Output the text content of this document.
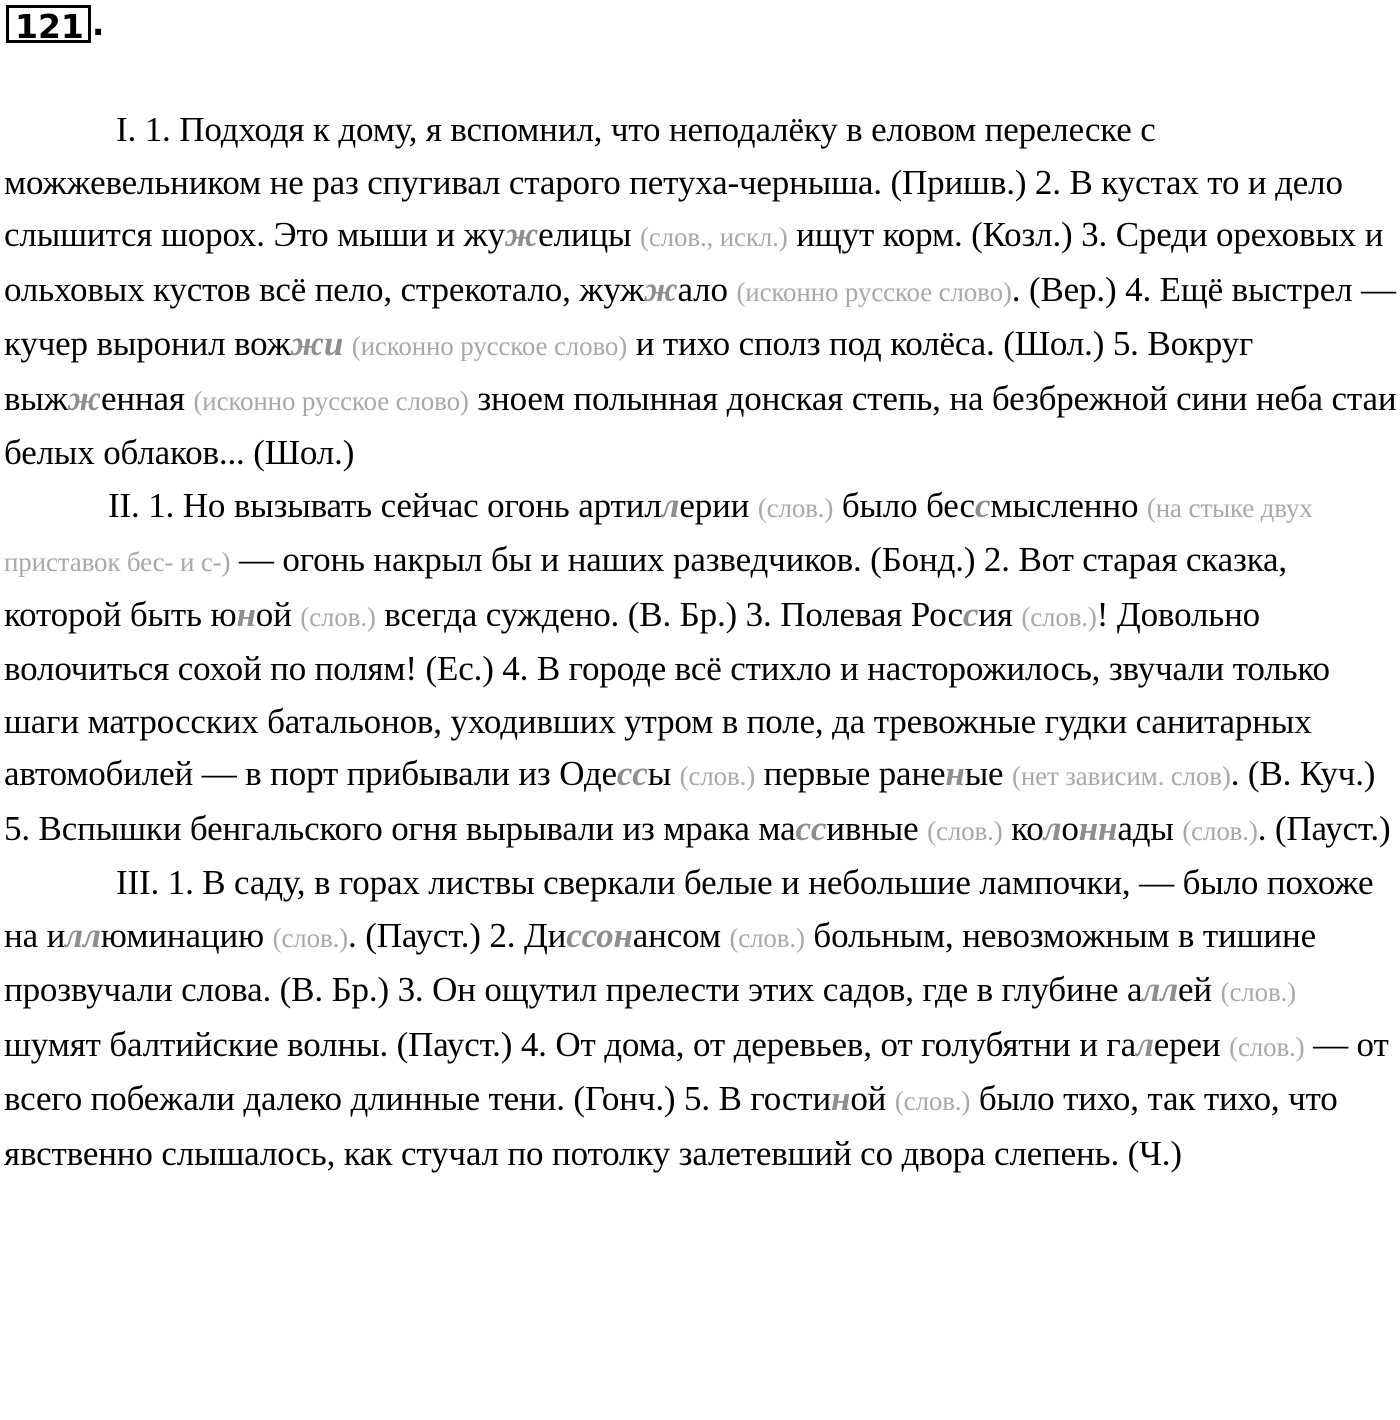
121 .

I. 1. Подходя к дому, я вспомнил, что неподалёку в еловом перелеске с можжевельником не раз спугивал старого петуха-черныша. (Пришв.) 2. В кустах то и дело слышится шорох. Это мыши и жужелицы (слов., искл.) ищут корм. (Козл.) 3. Среди ореховых и ольховых кустов всё пело, стрекотало, жужжало (исконно русское слово). (Вер.) 4. Ещё выстрел — кучер выронил вожжи (исконно русское слово) и тихо сполз под колёса. (Шол.) 5. Вокруг выжженная (исконно русское слово) зноем полынная донская степь, на безбрежной сини неба стаи белых облаков... (Шол.)

II. 1. Но вызывать сейчас огонь артиллерии (слов.) было бессмысленно (на стыке двух приставок бес- и с-) — огонь накрыл бы и наших разведчиков. (Бонд.) 2. Вот старая сказка, которой быть юной (слов.) всегда суждено. (В. Бр.) 3. Полевая Россия (слов.)! Довольно волочиться сохой по полям! (Ес.) 4. В городе всё стихло и насторожилось, звучали только шаги матросских батальонов, уходивших утром в поле, да тревожные гудки санитарных автомобилей — в порт прибывали из Одессы (слов.) первые раненые (нет зависим. слов). (В. Куч.) 5. Вспышки бенгальского огня вырывали из мрака массивные (слов.) колоннады (слов.). (Пауст.)

III. 1. В саду, в горах листвы сверкали белые и небольшие лампочки, — было похоже на иллюминацию (слов.). (Пауст.) 2. Диссонансом (слов.) больным, невозможным в тишине прозвучали слова. (В. Бр.) 3. Он ощутил прелести этих садов, где в глубине аллей (слов.) шумят балтийские волны. (Пауст.) 4. От дома, от деревьев, от голубятни и галереи (слов.) — от всего побежали далеко длинные тени. (Гонч.) 5. В гостиной (слов.) было тихо, так тихо, что явственно слышалось, как стучал по потолку залетевший со двора слепень. (Ч.)
